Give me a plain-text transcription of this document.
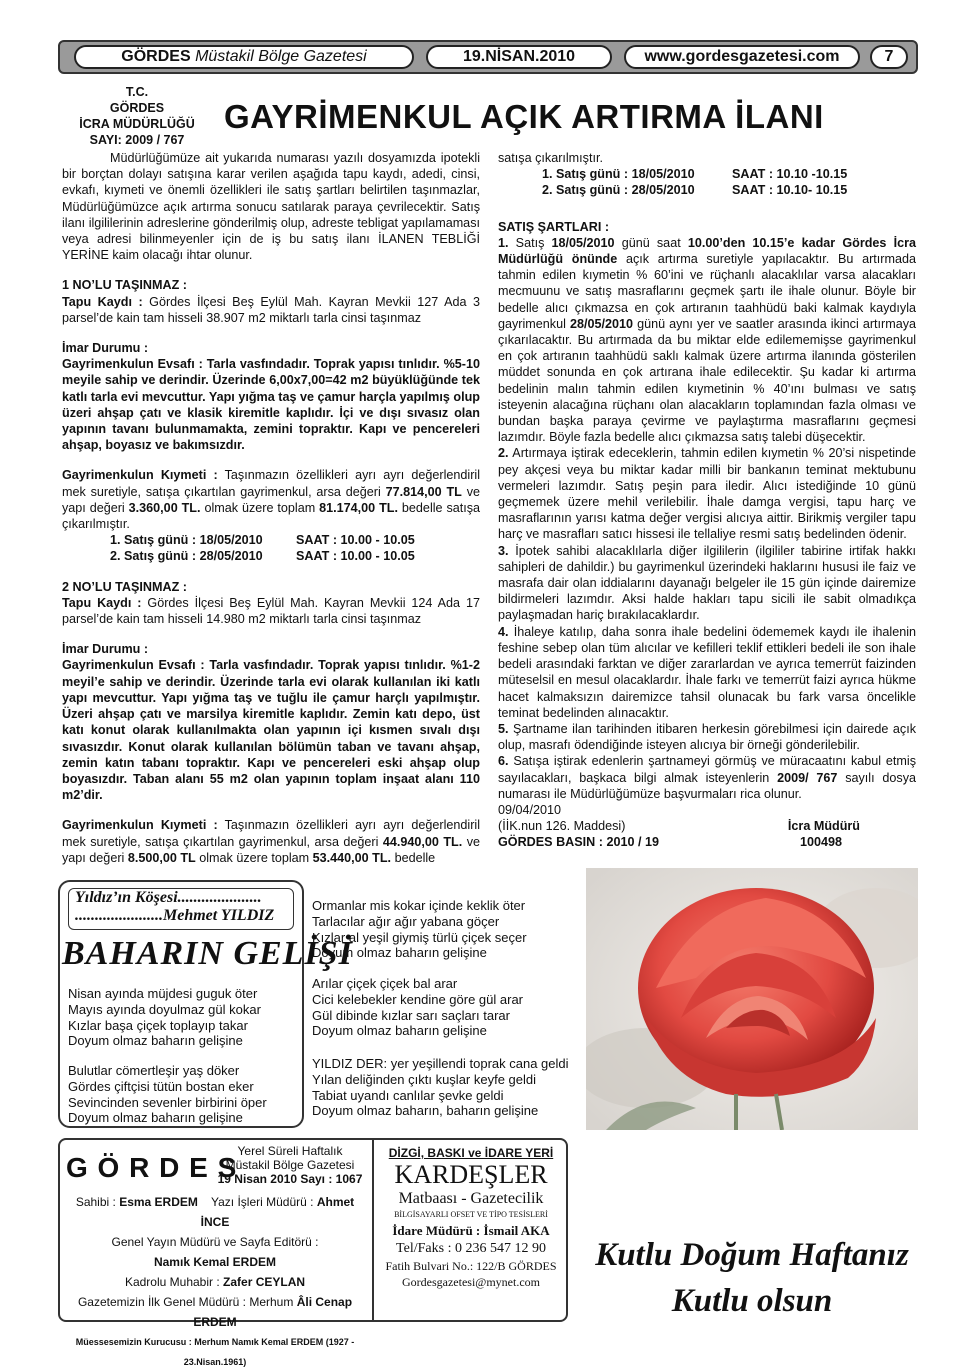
GÖRDES Müstakil Bölge Gazetesi	19.NİSAN.2010	www.gordesgazetesi.com	7
T.C.
GÖRDES
İCRA MÜDÜRLÜĞÜ
SAYI: 2009 / 767
GAYRİMENKUL AÇIK ARTIRMA İLANI

Müdürlüğümüze ait yukarıda numarası yazılı dosyamızda ipotekli bir borçtan dolayı satışına karar verilen aşağıda tapu kaydı, adedi, cinsi, evkafı, kıymeti ve önemli özellikleri ile satış şartları belirtilen taşınmazlar, Müdürlüğümüzce açık artırma sonucu satılarak paraya çevrilecektir. Satış ilanı ilgililerinin adreslerine gönderilmiş olup, adreste tebligat yapılamaması veya adresi bilinmeyenler için de iş bu satış ilanı İLANEN TEBLİĞİ YERİNE kaim olacağı ihtar olunur.

1 NO’LU TAŞINMAZ :

Tapu Kaydı : Gördes İlçesi Beş Eylül Mah. Kayran Mevkii 127 Ada 3 parsel’de kain tam hisseli 38.907 m2 miktarlı tarla cinsi taşınmaz

İmar Durumu :

Gayrimenkulun Evsafı : Tarla vasfındadır. Toprak yapısı tınlıdır. %5-10 meyile sahip ve derindir. Üzerinde 6,00x7,00=42 m2 büyüklüğünde tek katlı tarla evi mevcuttur. Yapı yığma taş ve çamur harçla yapılmış olup üzeri ahşap çatı ve klasik kiremitle kaplıdır. İçi ve dışı sıvasız olan yapının tavanı bulunmamakta, zemini topraktır. Kapı ve pencereleri ahşap, boyasız ve bakımsızdır.

Gayrimenkulun Kıymeti : Taşınmazın özellikleri ayrı ayrı değerlendiril mek suretiyle, satışa çıkartılan gayrimenkul, arsa değeri 77.814,00 TL ve yapı değeri 3.360,00 TL. olmak üzere toplam 81.174,00 TL. bedelle satışa çıkarılmıştır.

1. Satış günü : 18/05/2010	SAAT : 10.00 - 10.05
2. Satış günü : 28/05/2010	SAAT : 10.00 - 10.05

2 NO’LU TAŞINMAZ :

Tapu Kaydı : Gördes İlçesi Beş Eylül Mah. Kayran Mevkii 124 Ada 17 parsel’de kain tam hisseli 14.980 m2 miktarlı tarla cinsi taşınmaz

İmar Durumu :

Gayrimenkulun Evsafı : Tarla vasfındadır. Toprak yapısı tınlıdır. %1-2 meyil’e sahip ve derindir. Üzerinde tarla evi olarak kullanılan iki katlı yapı mevcuttur. Yapı yığma taş ve tuğlu ile çamur harçlı yapılmıştır. Üzeri ahşap çatı ve marsilya kiremitle kaplıdır. Zemin katı depo, üst katı konut olarak kullanılmakta olan yapının içi kısmen sıvalı dışı sıvasızdır. Konut olarak kullanılan bölümün taban ve tavanı ahşap, zemin katın tabanı topraktır. Kapı ve pencereleri eski ahşap olup boyasızdır. Taban alanı 55 m2 olan yapının toplam inşaat alanı 110 m2’dir.

Gayrimenkulun Kıymeti : Taşınmazın özellikleri ayrı ayrı değerlendiril mek suretiyle, satışa çıkartılan gayrimenkul, arsa değeri 44.940,00 TL. ve yapı değeri 8.500,00 TL olmak üzere toplam 53.440,00 TL. bedelle

satışa çıkarılmıştır.

1. Satış günü : 18/05/2010	SAAT : 10.10 -10.15
2. Satış günü : 28/05/2010	SAAT : 10.10- 10.15

SATIŞ ŞARTLARI :

1. Satış 18/05/2010 günü saat 10.00’den 10.15’e kadar Gördes İcra Müdürlüğü önünde açık artırma suretiyle yapılacaktır. Bu artırmada tahmin edilen kıymetin % 60’ini ve rüçhanlı alacaklılar varsa alacakları mecmuunu ve satış masraflarını geçmek şartı ile ihale olunur. Böyle bir bedelle alıcı çıkmazsa en çok artıranın taahhüdü baki kalmak kaydıyla gayrimenkul 28/05/2010 günü aynı yer ve saatler arasında ikinci artırmaya çıkarılacaktır. Bu artırmada da bu miktar elde edilememişse gayrimenkul en çok artıranın taahhüdü saklı kalmak üzere artırma ilanında gösterilen müddet sonunda en çok artırana ihale edilecektir. Şu kadar ki artırma bedelinin malın tahmin edilen kıymetinin % 40’ını bulması ve satış isteyenin alacağına rüçhanı olan alacakların toplamından fazla olması ve bundan başka paraya çevirme ve paylaştırma masraflarını geçmesi lazımdır. Böyle fazla bedelle alıcı çıkmazsa satış talebi düşecektir.

2. Artırmaya iştirak edeceklerin, tahmin edilen kıymetin % 20’si nispetinde pey akçesi veya bu miktar kadar milli bir bankanın teminat mektubunu vermeleri lazımdır. Satış peşin para iledir. Alıcı istediğinde 10 günü geçmemek üzere mehil verilebilir. İhale damga vergisi, tapu harç ve masraflarının yarısı katma değer vergisi alıcıya aittir. Birikmiş vergiler tapu harç ve masrafları satıcı hissesi ile tellaliye resmi satış bedelinden ödenir.

3. İpotek sahibi alacaklılarla diğer ilgililerin (ilgililer tabirine irtifak hakkı sahipleri de dahildir.) bu gayrimenkul üzerindeki haklarını hususi ile faiz ve masrafa dair olan iddialarını dayanağı belgeler ile 15 gün içinde dairemize bildirmeleri lazımdır. Aksi halde hakları tapu sicili ile sabit olmadıkça paylaşmadan hariç bırakılacaklardır.

4. İhaleye katılıp, daha sonra ihale bedelini ödememek kaydı ile ihalenin feshine sebep olan tüm alıcılar ve kefilleri teklif ettikleri bedeli ile son ihale bedeli arasındaki farktan ve diğer zararlardan ve ayrıca temerrüt faizinden müteselsil en mesul olacaklardır. İhale farkı ve temerrüt faizi ayrıca hükme hacet kalmaksızın dairemizce tahsil olunacak bu fark varsa öncelikle teminat bedelinden alınacaktır.

5. Şartname ilan tarihinden itibaren herkesin görebilmesi için dairede açık olup, masrafı ödendiğinde isteyen alıcıya bir örneği gönderilebilir.

6. Satışa iştirak edenlerin şartnameyi görmüş ve müracaatını kabul etmiş sayılacakları, başkaca bilgi almak isteyenlerin 2009/ 767 sayılı dosya numarası ile Müdürlüğümüze başvurmaları rica olunur.

09/04/2010

(İİK.nun 126. Maddesi)	İcra Müdürü
GÖRDES BASIN : 2010 / 19	100498
Yıldız’ın Köşesi.....................
......................Mehmet YILDIZ
BAHARIN GELİŞİ
Nisan ayında müjdesi guguk öter
Mayıs ayında doyulmaz gül kokar
Kızlar başa çiçek toplayıp takar
Doyum olmaz baharın gelişine
Bulutlar cömertleşir yaş döker
Gördes çiftçisi tütün bostan eker
Sevincinden sevenler birbirini öper
Doyum olmaz baharın gelişine
Ormanlar mis kokar içinde keklik öter
Tarlacılar ağır ağır yabana göçer
Kızlar al yeşil giymiş türlü çiçek seçer
Doyum olmaz baharın gelişine
Arılar çiçek çiçek bal arar
Cici kelebekler kendine göre gül arar
Gül dibinde kızlar sarı saçları tarar
Doyum olmaz baharın gelişine
YILDIZ DER: yer yeşillendi toprak cana geldi
Yılan deliğinden çıktı kuşlar keyfe geldi
Tabiat uyandı canlılar şevke geldi
Doyum olmaz baharın, baharın gelişine
G Ö R D E S
Yerel Süreli Haftalık
Müstakil Bölge Gazetesi
19 Nisan 2010 Sayı : 1067
Sahibi : Esma ERDEM Yazı İşleri Müdürü : Ahmet İNCE
Genel Yayın Müdürü ve Sayfa Editörü :
Namık Kemal ERDEM
Kadrolu Muhabir : Zafer CEYLAN
Gazetemizin İlk Genel Müdürü : Merhum Âli Cenap ERDEM
Müessesemizin Kurucusu : Merhum Namık Kemal ERDEM (1927 - 23.Nisan.1961)
DİZGİ, BASKI ve İDARE YERİ
KARDEŞLER
Matbaası - Gazetecilik
BİLGİSAYARLI OFSET VE TİPO TESİSLERİ
İdare Müdürü : İsmail AKA
Tel/Faks : 0 236 547 12 90
Fatih Bulvari No.: 122/B GÖRDES
Gordesgazetesi@mynet.com
Kutlu Doğum Haftanız
Kutlu olsun
